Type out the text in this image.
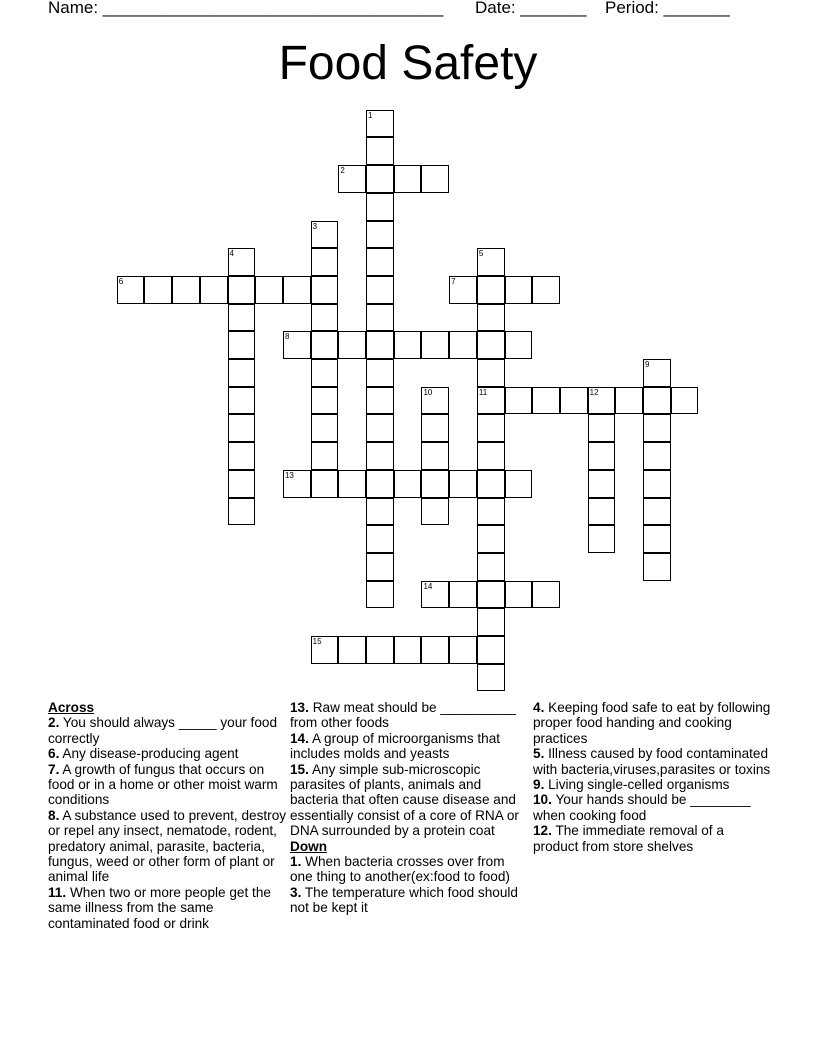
Name: ____________________________________ Date: _______ Period: _______
Food Safety
1
2
3
4	5
11
6	7
8
9
10	12
13
14
15
Across
2. You should always _____ your food correctly
6. Any disease-producing agent
7. A growth of fungus that occurs on food or in a home or other moist warm conditions
8. A substance used to prevent, destroy or repel any insect, nematode, rodent, predatory animal, parasite, bacteria, fungus, weed or other form of plant or animal life
11. When two or more people get the same illness from the same contaminated food or drink
13. Raw meat should be __________ from other foods
14. A group of microorganisms that includes molds and yeasts
15. Any simple sub-microscopic parasites of plants, animals and bacteria that often cause disease and essentially consist of a core of RNA or DNA surrounded by a protein coat
Down
1. When bacteria crosses over from one thing to another(ex:food to food)
3. The temperature which food should not be kept it
4. Keeping food safe to eat by following proper food handing and cooking practices
5. Illness caused by food contaminated with bacteria,viruses,parasites or toxins
9. Living single-celled organisms
10. Your hands should be ________ when cooking food
12. The immediate removal of a product from store shelves
